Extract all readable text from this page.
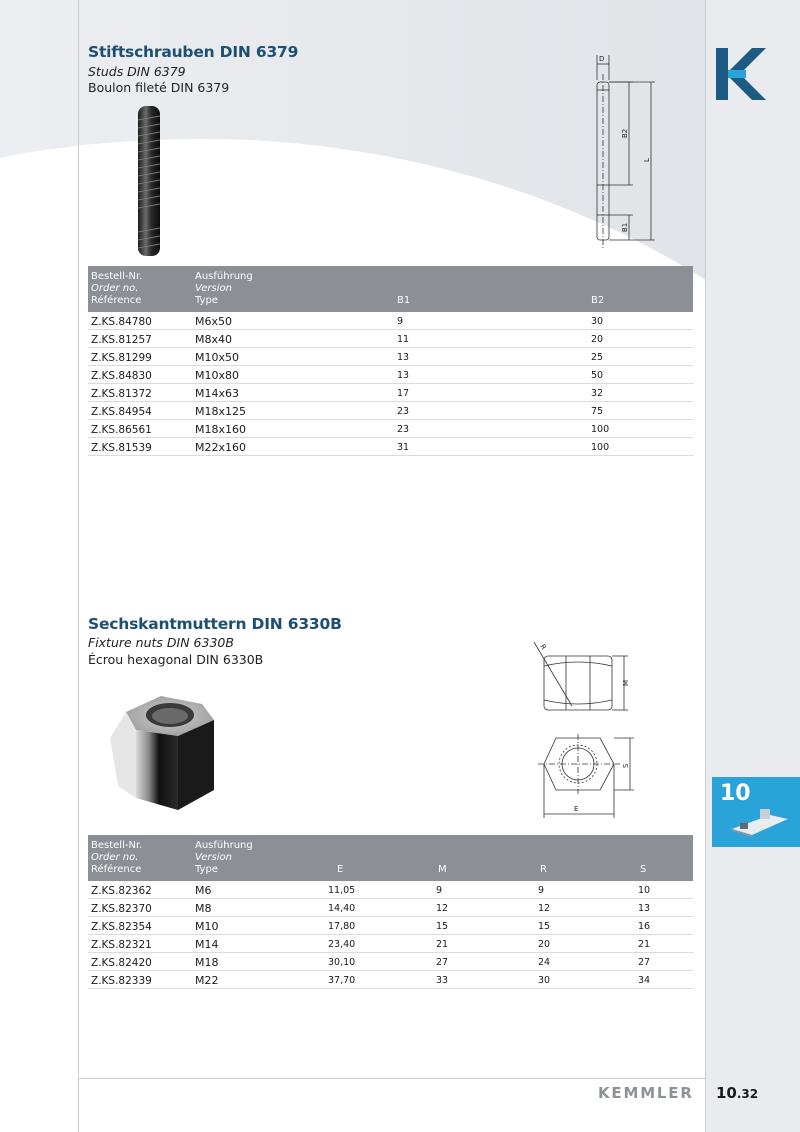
Stiftschrauben DIN 6379
Studs DIN 6379
Boulon fileté DIN 6379
D
B2
L
B1
Bestell-Nr.
Order no.
Référence
Ausführung
Version
Type	B1	B2
Z.KS.84780	M6x50	9	30
Z.KS.81257	M8x40	11	20
Z.KS.81299	M10x50	13	25
Z.KS.84830	M10x80	13	50
Z.KS.81372	M14x63	17	32
Z.KS.84954	M18x125	23	75
Z.KS.86561	M18x160	23	100
Z.KS.81539	M22x160	31	100
Sechskantmuttern DIN 6330B
Fixture nuts DIN 6330B
Écrou hexagonal DIN 6330B
R
M
S
E
Bestell-Nr.
Order no.
Référence
Ausführung
Version
Type	E	M	R	S
Z.KS.82362	M6	11,05	9	9	10
Z.KS.82370	M8	14,40	12	12	13
Z.KS.82354	M10	17,80	15	15	16
Z.KS.82321	M14	23,40	21	20	21
Z.KS.82420	M18	30,10	27	24	27
Z.KS.82339	M22	37,70	33	30	34
10
KEMMLER 10.32
